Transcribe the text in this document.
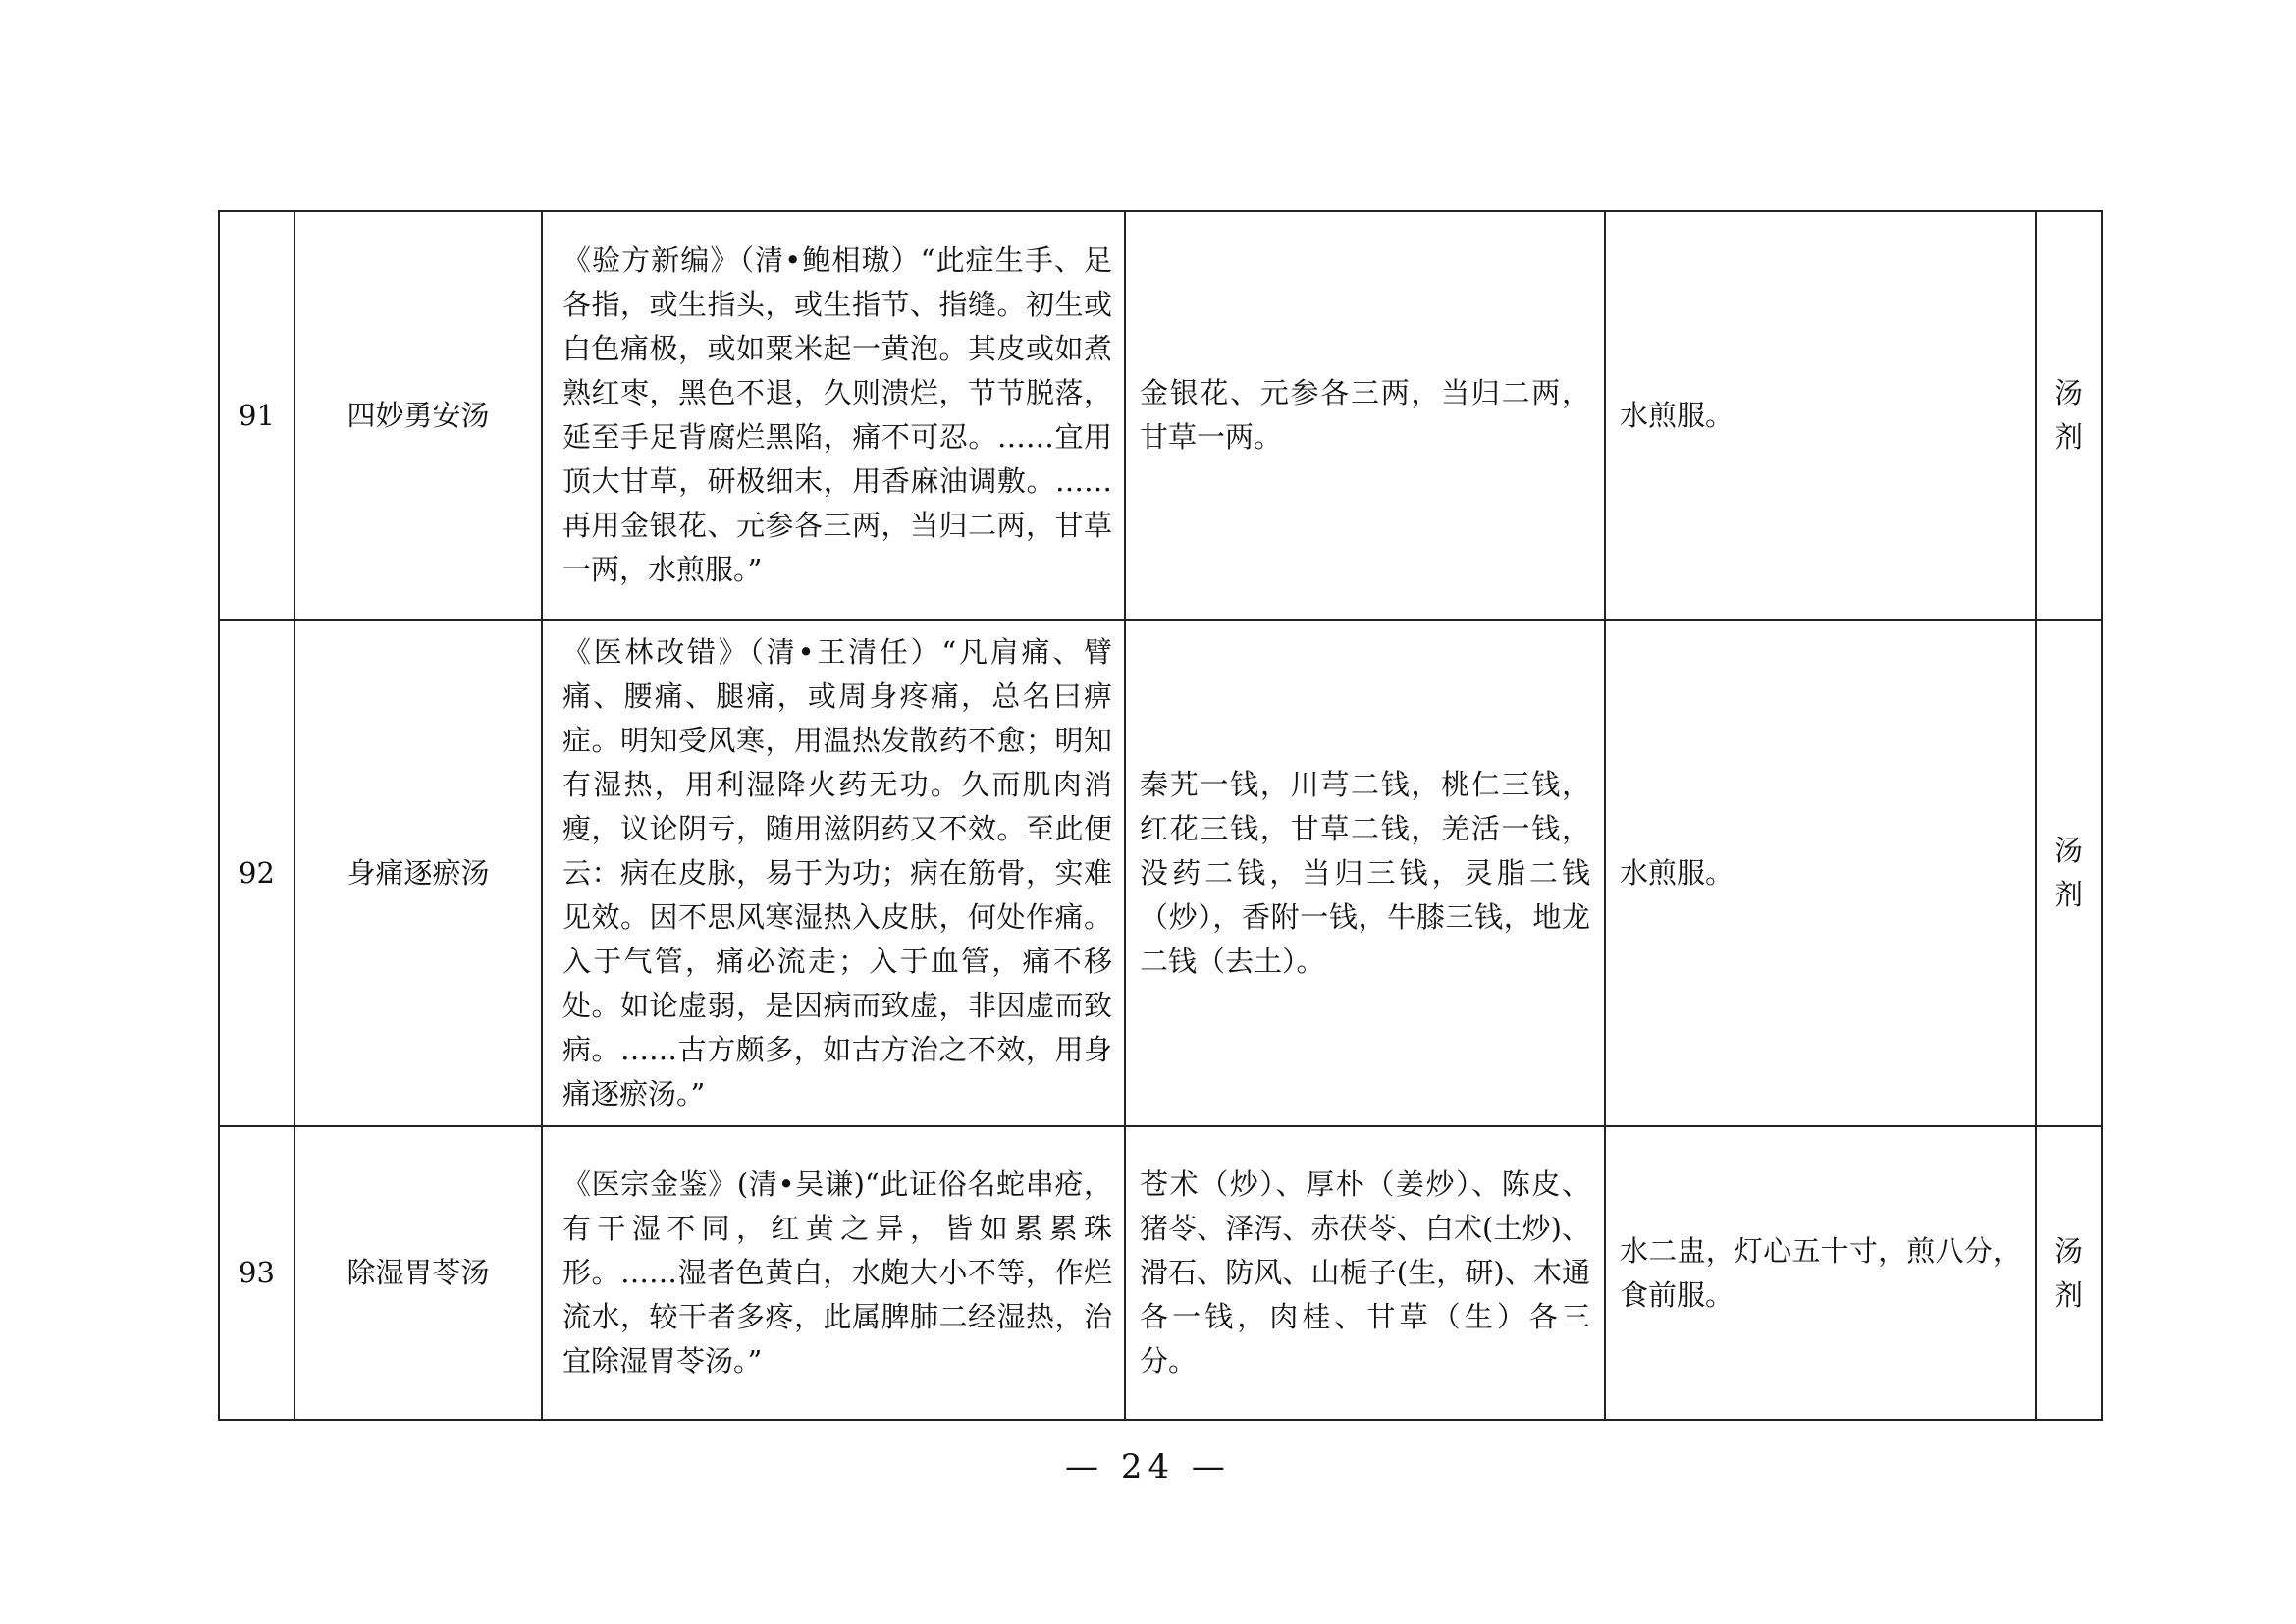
91	四妙勇安汤	《验方新编》（清•鲍相璈）“此症生手、足各指，或生指头，或生指节、指缝。初生或白色痛极，或如粟米起一黄泡。其皮或如煮熟红枣，黑色不退，久则溃烂，节节脱落，延至手足背腐烂黑陷，痛不可忍。……宜用顶大甘草，研极细末，用香麻油调敷。……再用金银花、元参各三两，当归二两，甘草一两，水煎服。”	金银花、元参各三两，当归二两，甘草一两。	水煎服。	汤剂
92	身痛逐瘀汤	《医林改错》（清•王清任）“凡肩痛、臂痛、腰痛、腿痛，或周身疼痛，总名曰痹症。明知受风寒，用温热发散药不愈；明知有湿热，用利湿降火药无功。久而肌肉消瘦，议论阴亏，随用滋阴药又不效。至此便云：病在皮脉，易于为功；病在筋骨，实难见效。因不思风寒湿热入皮肤，何处作痛。入于气管，痛必流走；入于血管，痛不移处。如论虚弱，是因病而致虚，非因虚而致病。……古方颇多，如古方治之不效，用身痛逐瘀汤。”	秦艽一钱，川芎二钱，桃仁三钱，红花三钱，甘草二钱，羌活一钱，没药二钱，当归三钱，灵脂二钱（炒），香附一钱，牛膝三钱，地龙二钱（去土）。	水煎服。	汤剂
93	除湿胃苓汤	《医宗金鉴》(清•吴谦)“此证俗名蛇串疮，有干湿不同，红黄之异，皆如累累珠形。……湿者色黄白，水皰大小不等，作烂流水，较干者多疼，此属脾肺二经湿热，治宜除湿胃苓汤。”	苍术（炒）、厚朴（姜炒）、陈皮、猪苓、泽泻、赤茯苓、白术(土炒)、滑石、防风、山栀子(生，研)、木通各一钱，肉桂、甘草（生）各三分。	水二盅，灯心五十寸，煎八分，食前服。	汤剂
— 24 —
